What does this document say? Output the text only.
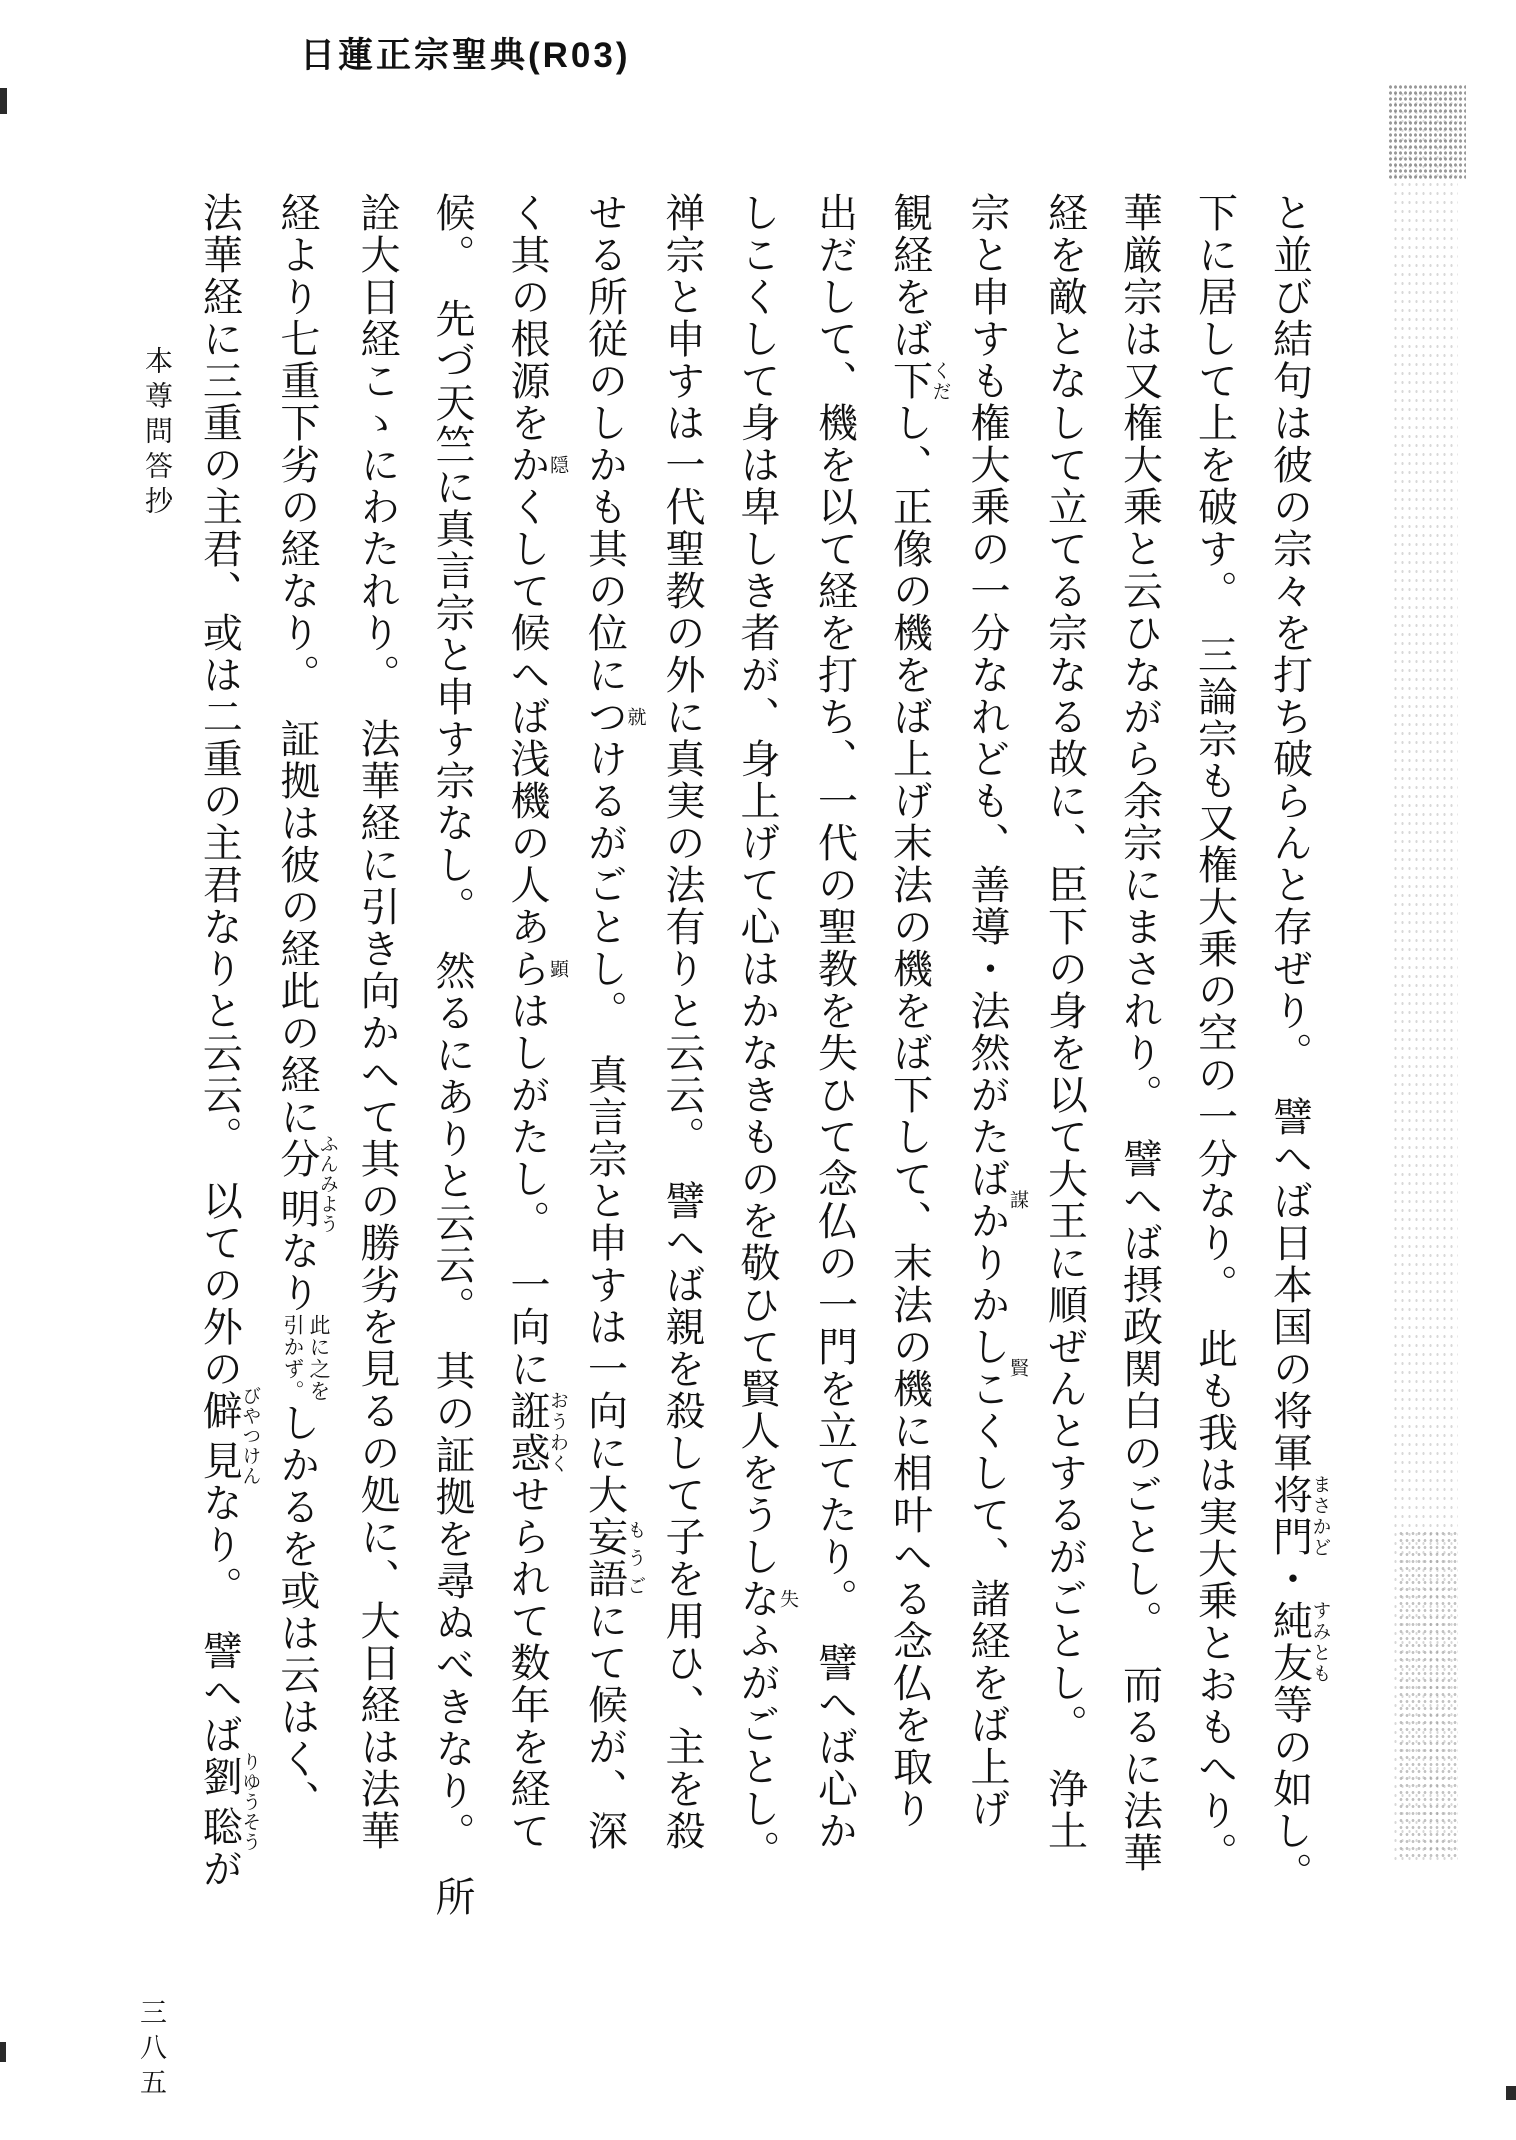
日蓮正宗聖典(R03)
本尊問答抄	と並び結句は彼の宗々を打ち破らんと存ぜり。　譬へば日本国の将軍将門まさかど・純友すみとも等の如し。
下に居して上を破す。　三論宗も又権大乗の空の一分なり。　此も我は実大乗とおもへり。
華厳宗は又権大乗と云ひながら余宗にまされり。　譬へば摂政関白のごとし。　而るに法華
経を敵となして立てる宗なる故に、臣下の身を以て大王に順ぜんとするがごとし。　浄土
宗と申すも権大乗の一分なれども、善導・法然がたばかり謀かしこく賢して、諸経をば上げ
観経をば下くだし、正像の機をば上げ末法の機をば下して、末法の機に相叶へる念仏を取り
出だして、機を以て経を打ち、一代の聖教を失ひて念仏の一門を立てたり。　譬へば心か
しこくして身は卑しき者が、身上げて心はかなきものを敬ひて賢人をうしなふ失がごとし。
禅宗と申すは一代聖教の外に真実の法有りと云云。　譬へば親を殺して子を用ひ、主を殺
せる所従のしかも其の位につ就けるがごとし。　真言宗と申すは一向に大妄語もうごにて候が、深
く其の根源をか隠くして候へば浅機の人あら顕はしがたし。　一向に誑惑おうわくせられて数年を経て
候。　先づ天竺に真言宗と申す宗なし。　然るにありと云云。　其の証拠を尋ぬべきなり。　所
詮大日経こゝにわたれり。　法華経に引き向かへて其の勝劣を見るの処に、大日経は法華
経より七重下劣の経なり。　証拠は彼の経此の経に分明ふんみようなり此に之を
引かず。しかるを或は云はく、
法華経に三重の主君、或は二重の主君なりと云云。　以ての外の僻見びやつけんなり。　譬へば劉聡りゆうそうが
三八五
